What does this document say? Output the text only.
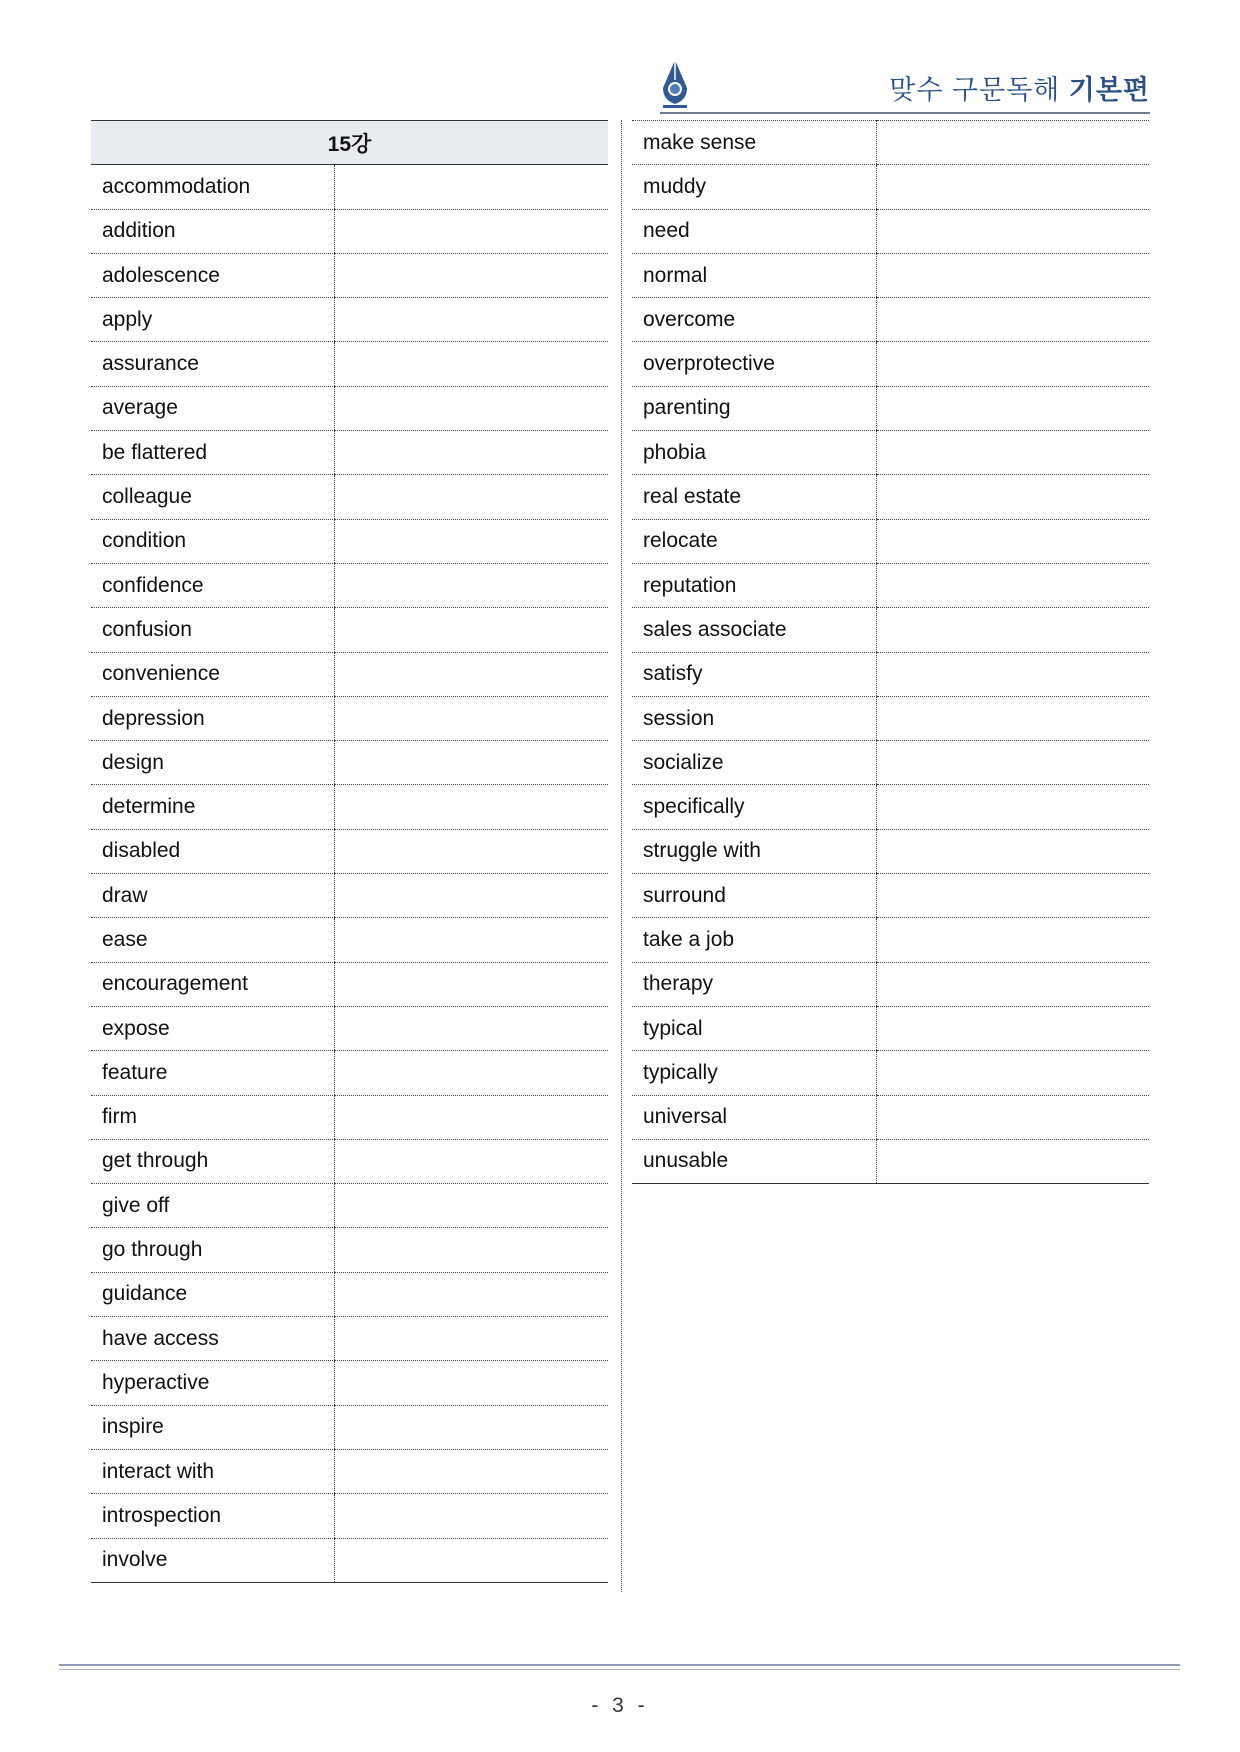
맞수 구문독해 기본편
15강	
accommodation	
addition	
adolescence	
apply	
assurance	
average	
be flattered	
colleague	
condition	
confidence	
confusion	
convenience	
depression	
design	
determine	
disabled	
draw	
ease	
encouragement	
expose	
feature	
firm	
get through	
give off	
go through	
guidance	
have access	
hyperactive	
inspire	
interact with	
introspection	
involve	
make sense	
muddy	
need	
normal	
overcome	
overprotective	
parenting	
phobia	
real estate	
relocate	
reputation	
sales associate	
satisfy	
session	
socialize	
specifically	
struggle with	
surround	
take a job	
therapy	
typical	
typically	
universal	
unusable	
- 3 -
